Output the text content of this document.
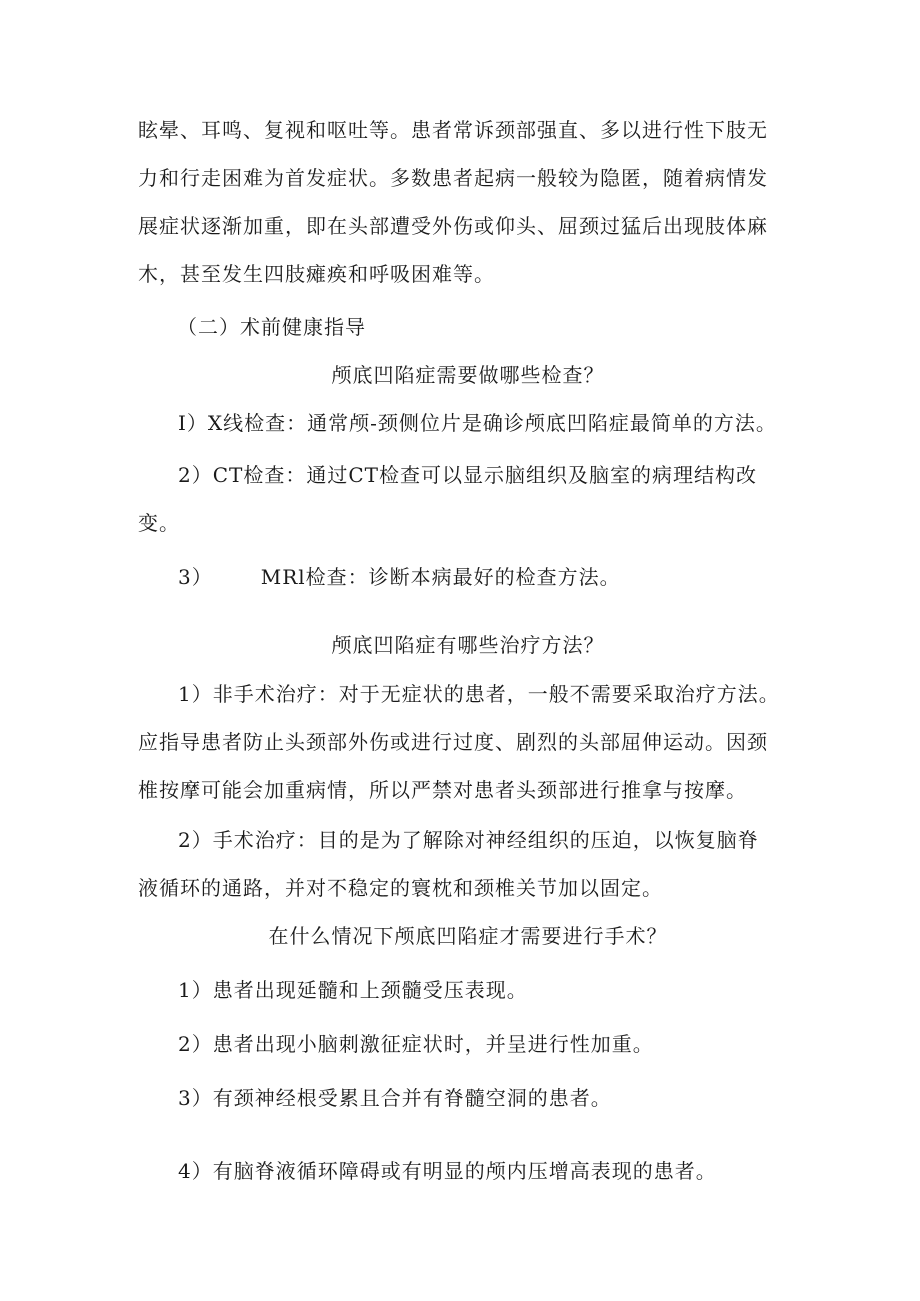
眩晕、耳鸣、复视和呕吐等。患者常诉颈部强直、多以进行性下肢无

力和行走困难为首发症状。多数患者起病一般较为隐匿，随着病情发

展症状逐渐加重，即在头部遭受外伤或仰头、屈颈过猛后出现肢体麻

木，甚至发生四肢瘫痪和呼吸困难等。

（二）术前健康指导

颅底凹陷症需要做哪些检查？

I）X线检查：通常颅-颈侧位片是确诊颅底凹陷症最简单的方法。

2）CT检查：通过CT检查可以显示脑组织及脑室的病理结构改

变。

3） MRl检查：诊断本病最好的检查方法。

颅底凹陷症有哪些治疗方法？

1）非手术治疗：对于无症状的患者，一般不需要采取治疗方法。

应指导患者防止头颈部外伤或进行过度、剧烈的头部屈伸运动。因颈

椎按摩可能会加重病情，所以严禁对患者头颈部进行推拿与按摩。

2）手术治疗：目的是为了解除对神经组织的压迫，以恢复脑脊

液循环的通路，并对不稳定的寰枕和颈椎关节加以固定。

在什么情况下颅底凹陷症才需要进行手术？

1）患者出现延髓和上颈髓受压表现。

2）患者出现小脑刺激征症状时，并呈进行性加重。

3）有颈神经根受累且合并有脊髓空洞的患者。

4）有脑脊液循环障碍或有明显的颅内压增高表现的患者。
